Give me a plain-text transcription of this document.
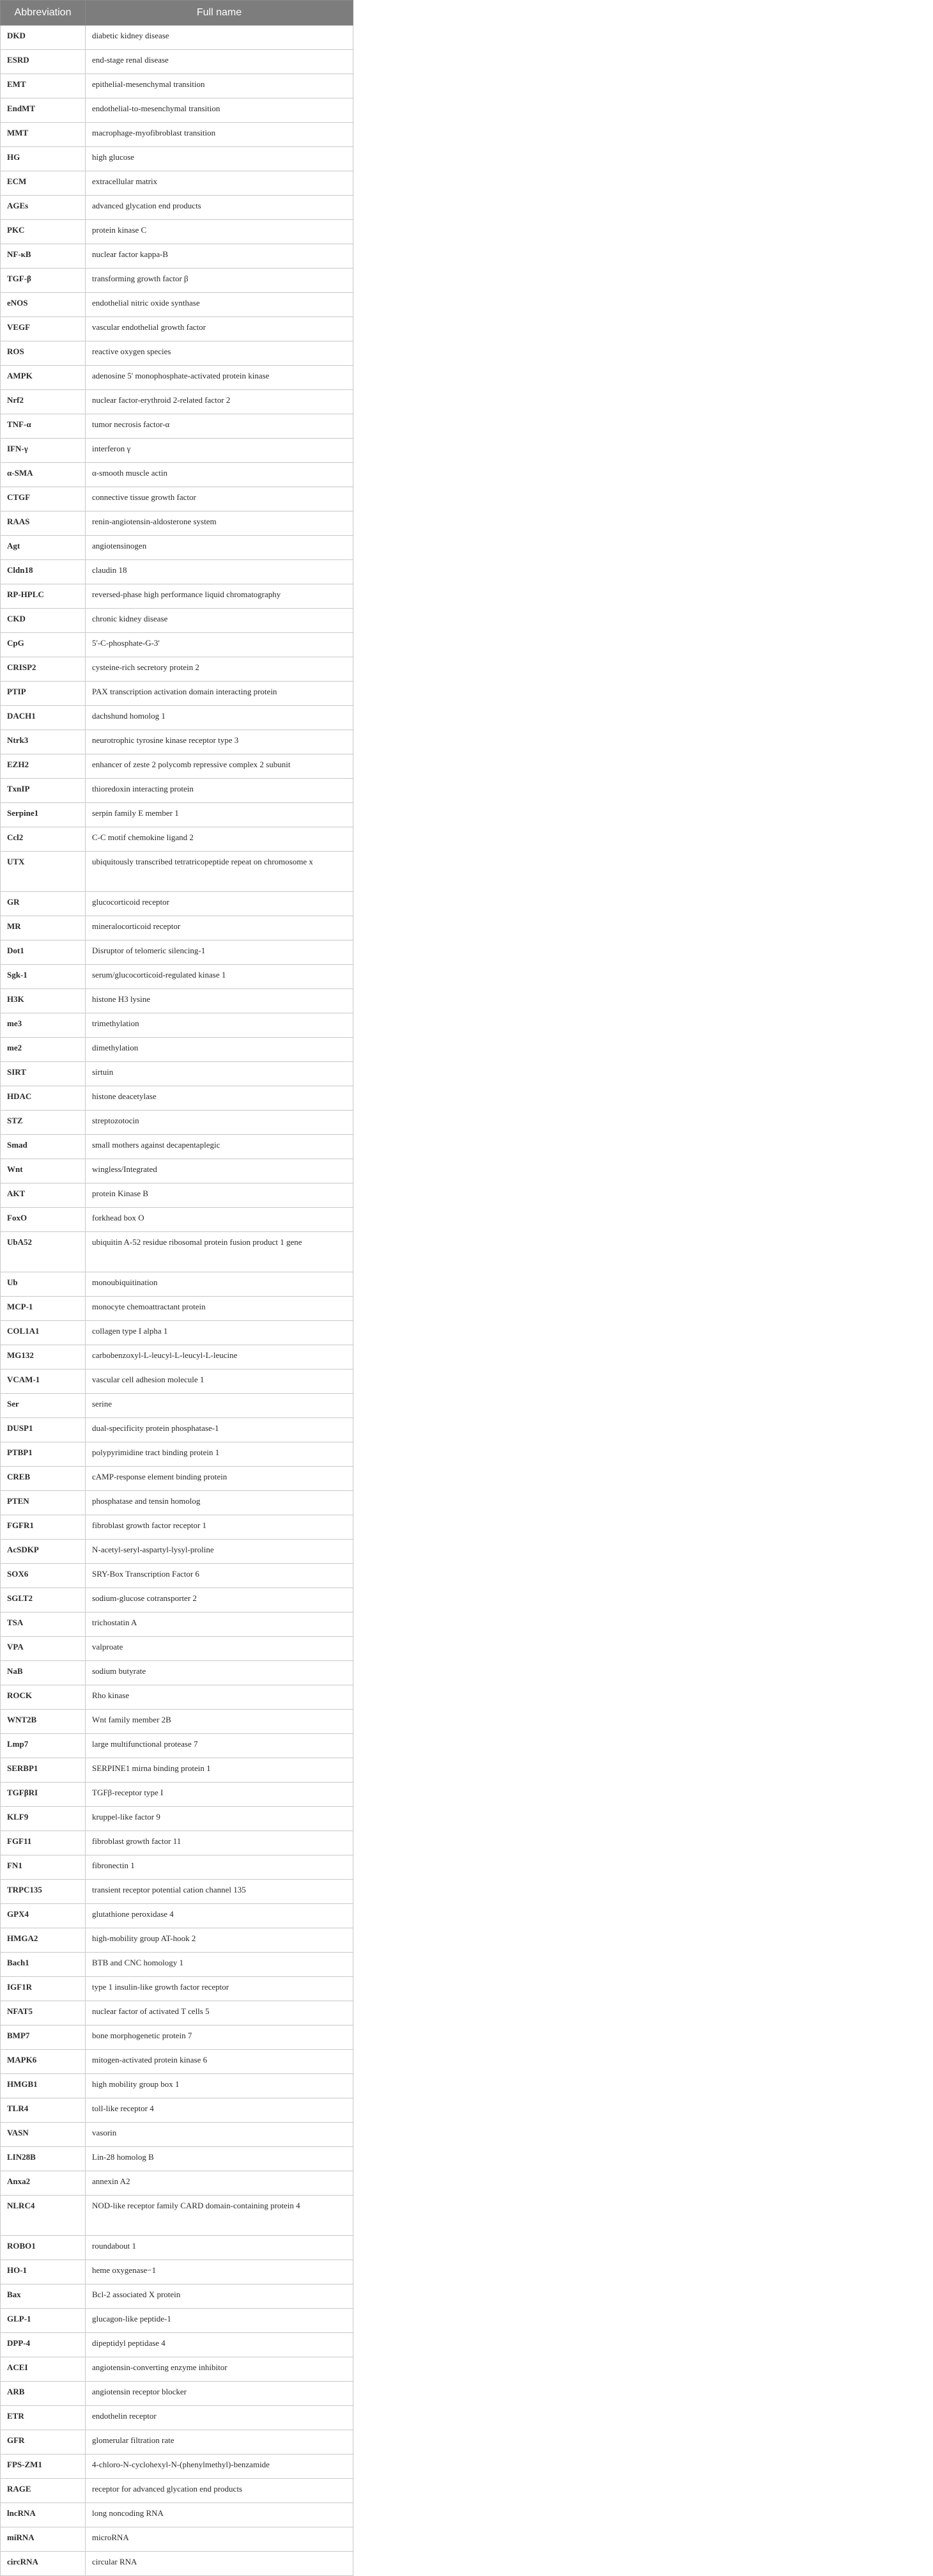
Abbreviation	Full name
DKD	diabetic kidney disease
ESRD	end-stage renal disease
EMT	epithelial-mesenchymal transition
EndMT	endothelial-to-mesenchymal transition
MMT	macrophage-myofibroblast transition
HG	high glucose
ECM	extracellular matrix
AGEs	advanced glycation end products
PKC	protein kinase C
NF-κB	nuclear factor kappa-B
TGF-β	transforming growth factor β
eNOS	endothelial nitric oxide synthase
VEGF	vascular endothelial growth factor
ROS	reactive oxygen species
AMPK	adenosine 5' monophosphate-activated protein kinase
Nrf2	nuclear factor-erythroid 2-related factor 2
TNF-α	tumor necrosis factor-α
IFN-γ	interferon γ
α-SMA	α-smooth muscle actin
CTGF	connective tissue growth factor
RAAS	renin-angiotensin-aldosterone system
Agt	angiotensinogen
Cldn18	claudin 18
RP-HPLC	reversed-phase high performance liquid chromatography
CKD	chronic kidney disease
CpG	5'-C-phosphate-G-3'
CRISP2	cysteine-rich secretory protein 2
PTIP	PAX transcription activation domain interacting protein
DACH1	dachshund homolog 1
Ntrk3	neurotrophic tyrosine kinase receptor type 3
EZH2	enhancer of zeste 2 polycomb repressive complex 2 subunit
TxnIP	thioredoxin interacting protein
Serpine1	serpin family E member 1
Ccl2	C-C motif chemokine ligand 2
UTX	ubiquitously transcribed tetratricopeptide repeat on chromosome x
GR	glucocorticoid receptor
MR	mineralocorticoid receptor
Dot1	Disruptor of telomeric silencing-1
Sgk-1	serum/glucocorticoid-regulated kinase 1
H3K	histone H3 lysine
me3	trimethylation
me2	dimethylation
SIRT	sirtuin
HDAC	histone deacetylase
STZ	streptozotocin
Smad	small mothers against decapentaplegic
Wnt	wingless/Integrated
AKT	protein Kinase B
FoxO	forkhead box O
UbA52	ubiquitin A-52 residue ribosomal protein fusion product 1 gene
Ub	monoubiquitination
MCP-1	monocyte chemoattractant protein
COL1A1	collagen type I alpha 1
MG132	carbobenzoxyl-L-leucyl-L-leucyl-L-leucine
VCAM-1	vascular cell adhesion molecule 1
Ser	serine
DUSP1	dual-specificity protein phosphatase-1
PTBP1	polypyrimidine tract binding protein 1
CREB	cAMP-response element binding protein
PTEN	phosphatase and tensin homolog
FGFR1	fibroblast growth factor receptor 1
AcSDKP	N-acetyl-seryl-aspartyl-lysyl-proline
SOX6	SRY-Box Transcription Factor 6
SGLT2	sodium-glucose cotransporter 2
TSA	trichostatin A
VPA	valproate
NaB	sodium butyrate
ROCK	Rho kinase
WNT2B	Wnt family member 2B
Lmp7	large multifunctional protease 7
SERBP1	SERPINE1 mirna binding protein 1
TGFβRI	TGFβ-receptor type I
KLF9	kruppel-like factor 9
FGF11	fibroblast growth factor 11
FN1	fibronectin 1
TRPC135	transient receptor potential cation channel 135
GPX4	glutathione peroxidase 4
HMGA2	high-mobility group AT-hook 2
Bach1	BTB and CNC homology 1
IGF1R	type 1 insulin-like growth factor receptor
NFAT5	nuclear factor of activated T cells 5
BMP7	bone morphogenetic protein 7
MAPK6	mitogen-activated protein kinase 6
HMGB1	high mobility group box 1
TLR4	toll-like receptor 4
VASN	vasorin
LIN28B	Lin-28 homolog B
Anxa2	annexin A2
NLRC4	NOD-like receptor family CARD domain-containing protein 4
ROBO1	roundabout 1
HO-1	heme oxygenase−1
Bax	Bcl-2 associated X protein
GLP-1	glucagon-like peptide-1
DPP-4	dipeptidyl peptidase 4
ACEI	angiotensin-converting enzyme inhibitor
ARB	angiotensin receptor blocker
ETR	endothelin receptor
GFR	glomerular filtration rate
FPS-ZM1	4-chloro-N-cyclohexyl-N-(phenylmethyl)-benzamide
RAGE	receptor for advanced glycation end products
lncRNA	long noncoding RNA
miRNA	microRNA
circRNA	circular RNA
